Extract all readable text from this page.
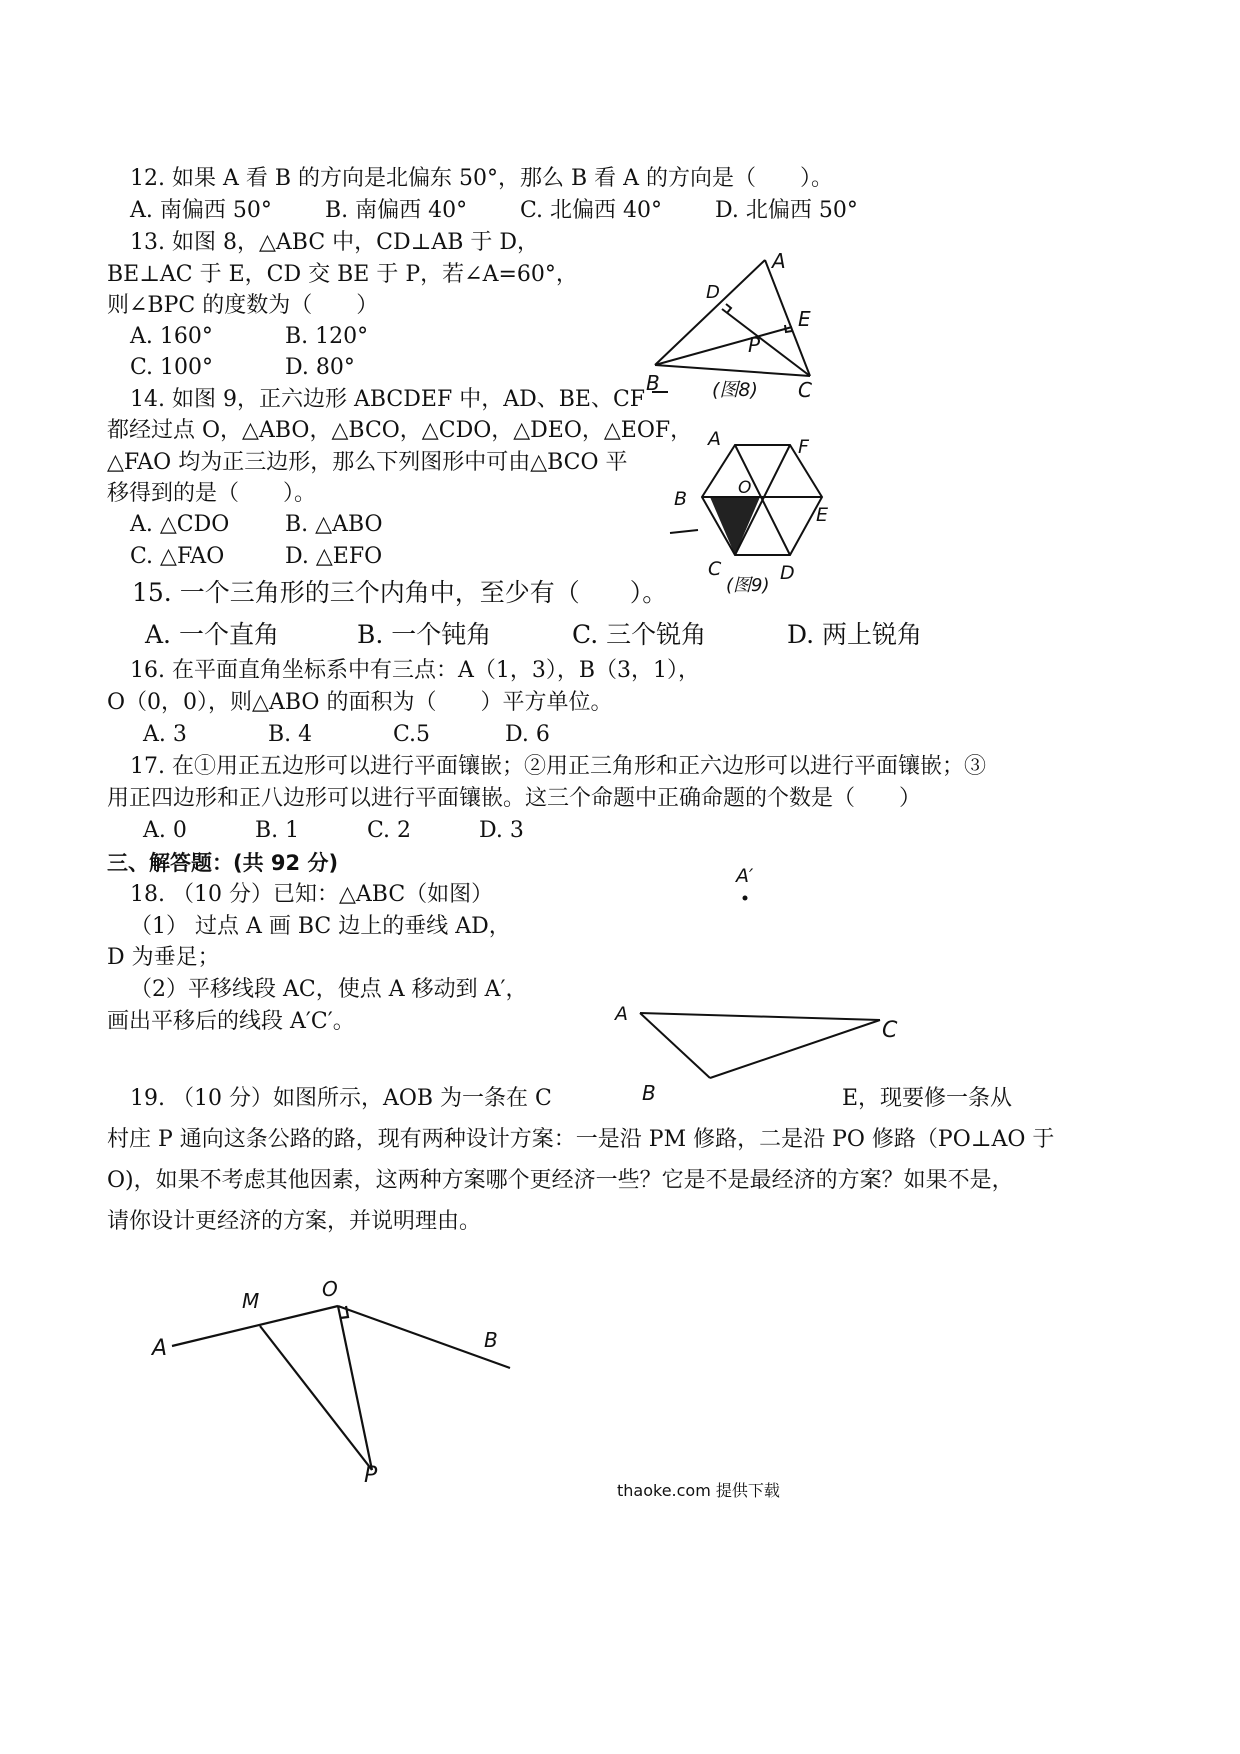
12. 如果 A 看 B 的方向是北偏东 50°，那么 B 看 A 的方向是（　　）。
A. 南偏西 50° B. 南偏西 40° C. 北偏西 40° D. 北偏西 50°
13. 如图 8，△ABC 中，CD⊥AB 于 D，
BE⊥AC 于 E，CD 交 BE 于 P，若∠A=60°，
则∠BPC 的度数为（　　）
A. 160°	B. 120°
C. 100°	D. 80°
A
D
E
P
B	C
(图8)
14. 如图 9，正六边形 ABCDEF 中，AD、BE、CF
都经过点 O，△ABO，△BCO，△CDO，△DEO，△EOF，
△FAO 均为正三边形，那么下列图形中可由△BCO 平
移得到的是（　　）。
A. △CDO	B. △ABO
C. △FAO	D. △EFO
A	F
B	O
E
C	D
(图9)
15. 一个三角形的三个内角中，至少有（　　）。
A. 一个直角	B. 一个钝角	C. 三个锐角	D. 两上锐角
16. 在平面直角坐标系中有三点：A（1，3），B（3，1），
O（0，0），则△ABO 的面积为（　　）平方单位。
A. 3	B. 4	C.5	D. 6
17. 在①用正五边形可以进行平面镶嵌；②用正三角形和正六边形可以进行平面镶嵌；③
用正四边形和正八边形可以进行平面镶嵌。这三个命题中正确命题的个数是（　　）
A. 0	B. 1	C. 2	D. 3
三、解答题：(共 92 分)
18. （10 分）已知：△ABC（如图）
（1） 过点 A 画 BC 边上的垂线 AD，
D 为垂足；
（2）平移线段 AC，使点 A 移动到 A′，
画出平移后的线段 A′C′。
A′
A
C
B
19. （10 分）如图所示，AOB 为一条在 C	E，现要修一条从
村庄 P 通向这条公路的路，现有两种设计方案：一是沿 PM 修路，二是沿 PO 修路（PO⊥AO 于
O)，如果不考虑其他因素，这两种方案哪个更经济一些？它是不是最经济的方案？如果不是，
请你设计更经济的方案，并说明理由。
A
M	O
B
P
thaoke.com 提供下载
